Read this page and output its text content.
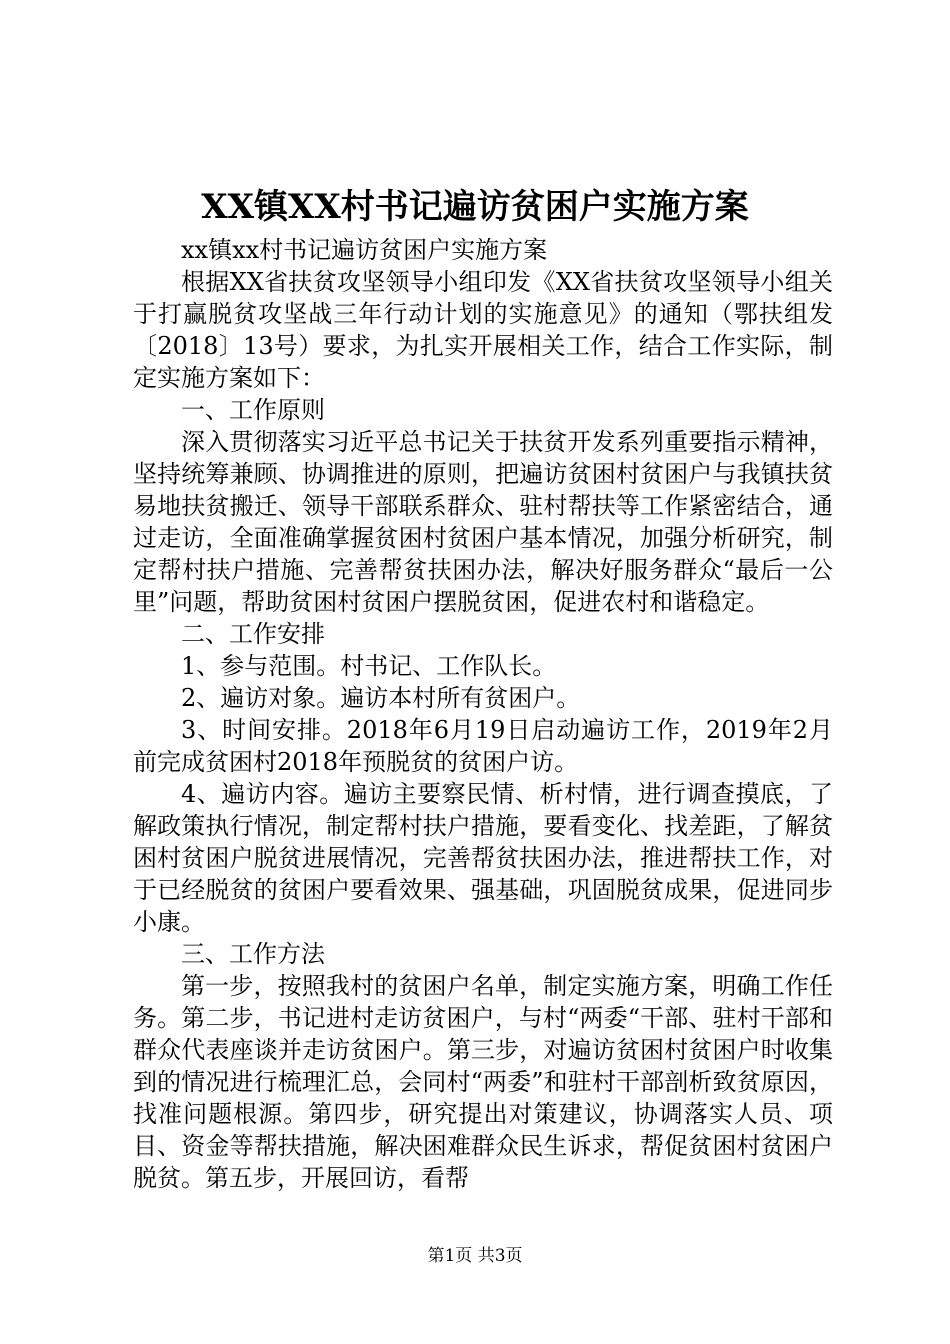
XX镇XX村书记遍访贫困户实施方案

xx镇xx村书记遍访贫困户实施方案

根据XX省扶贫攻坚领导小组印发《XX省扶贫攻坚领导小组关于打赢脱贫攻坚战三年行动计划的实施意见》的通知（鄂扶组发〔2018〕13号）要求，为扎实开展相关工作，结合工作实际，制定实施方案如下：

一、工作原则

深入贯彻落实习近平总书记关于扶贫开发系列重要指示精神，坚持统筹兼顾、协调推进的原则，把遍访贫困村贫困户与我镇扶贫易地扶贫搬迁、领导干部联系群众、驻村帮扶等工作紧密结合，通过走访，全面准确掌握贫困村贫困户基本情况，加强分析研究，制定帮村扶户措施、完善帮贫扶困办法，解决好服务群众“最后一公里”问题，帮助贫困村贫困户摆脱贫困，促进农村和谐稳定。

二、工作安排

1、参与范围。村书记、工作队长。

2、遍访对象。遍访本村所有贫困户。

3、时间安排。2018年6月19日启动遍访工作，2019年2月前完成贫困村2018年预脱贫的贫困户访。

4、遍访内容。遍访主要察民情、析村情，进行调查摸底，了解政策执行情况，制定帮村扶户措施，要看变化、找差距，了解贫困村贫困户脱贫进展情况，完善帮贫扶困办法，推进帮扶工作，对于已经脱贫的贫困户要看效果、强基础，巩固脱贫成果，促进同步小康。

三、工作方法

第一步，按照我村的贫困户名单，制定实施方案，明确工作任务。第二步，书记进村走访贫困户，与村“两委“干部、驻村干部和群众代表座谈并走访贫困户。第三步，对遍访贫困村贫困户时收集到的情况进行梳理汇总，会同村“两委”和驻村干部剖析致贫原因，找准问题根源。第四步，研究提出对策建议，协调落实人员、项目、资金等帮扶措施，解决困难群众民生诉求，帮促贫困村贫困户脱贫。第五步，开展回访，看帮

第1页 共3页
